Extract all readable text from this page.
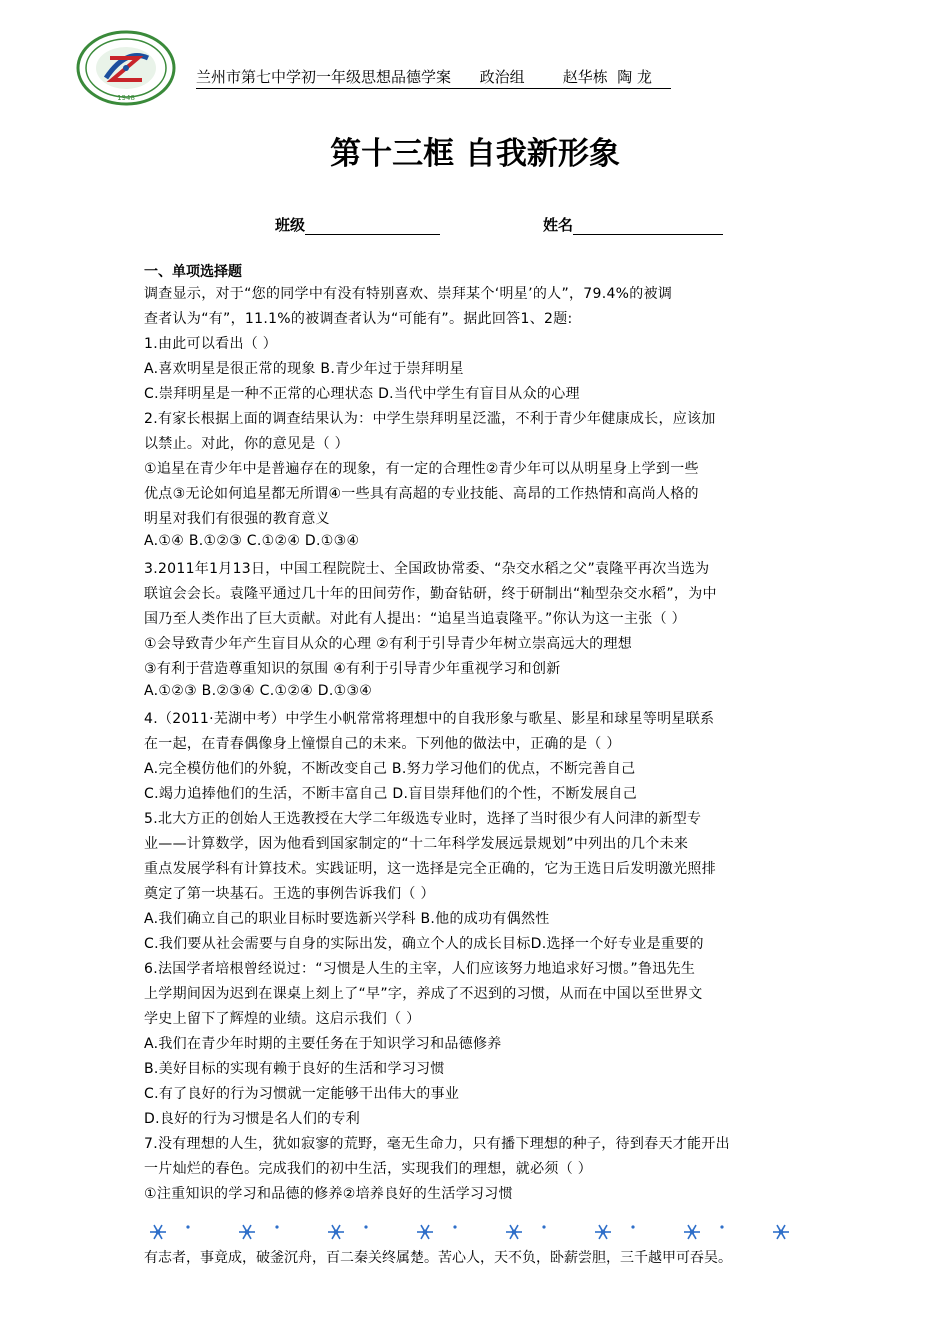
1948
兰州市第七中学初一年级思想品德学案      政治组        赵华栋  陶 龙
第十三框 自我新形象
班级	姓名
一、单项选择题
调查显示，对于“您的同学中有没有特别喜欢、崇拜某个‘明星’的人”，79.4%的被调
查者认为“有”，11.1%的被调查者认为“可能有”。据此回答1、2题:
1.由此可以看出（ ）
A.喜欢明星是很正常的现象 B.青少年过于崇拜明星
C.崇拜明星是一种不正常的心理状态 D.当代中学生有盲目从众的心理
2.有家长根据上面的调查结果认为：中学生崇拜明星泛滥，不利于青少年健康成长，应该加
以禁止。对此，你的意见是（ ）
①追星在青少年中是普遍存在的现象，有一定的合理性②青少年可以从明星身上学到一些
优点③无论如何追星都无所谓④一些具有高超的专业技能、高昂的工作热情和高尚人格的
明星对我们有很强的教育意义
A.①④ B.①②③ C.①②④ D.①③④
3.2011年1月13日，中国工程院院士、全国政协常委、“杂交水稻之父”袁隆平再次当选为
联谊会会长。袁隆平通过几十年的田间劳作，勤奋钻研，终于研制出“籼型杂交水稻”，为中
国乃至人类作出了巨大贡献。对此有人提出：“追星当追袁隆平。”你认为这一主张（ ）
①会导致青少年产生盲目从众的心理 ②有利于引导青少年树立崇高远大的理想
③有利于营造尊重知识的氛围 ④有利于引导青少年重视学习和创新
A.①②③ B.②③④ C.①②④ D.①③④
4.（2011·芜湖中考）中学生小帆常常将理想中的自我形象与歌星、影星和球星等明星联系
在一起，在青春偶像身上憧憬自己的未来。下列他的做法中，正确的是（ ）
A.完全模仿他们的外貌，不断改变自己 B.努力学习他们的优点，不断完善自己
C.竭力追捧他们的生活，不断丰富自己 D.盲目崇拜他们的个性，不断发展自己
5.北大方正的创始人王选教授在大学二年级选专业时，选择了当时很少有人问津的新型专
业——计算数学，因为他看到国家制定的“十二年科学发展远景规划”中列出的几个未来
重点发展学科有计算技术。实践证明，这一选择是完全正确的，它为王选日后发明激光照排
奠定了第一块基石。王选的事例告诉我们（ ）
A.我们确立自己的职业目标时要选新兴学科 B.他的成功有偶然性
C.我们要从社会需要与自身的实际出发，确立个人的成长目标D.选择一个好专业是重要的
6.法国学者培根曾经说过：“习惯是人生的主宰，人们应该努力地追求好习惯。”鲁迅先生
上学期间因为迟到在课桌上刻上了“早”字，养成了不迟到的习惯，从而在中国以至世界文
学史上留下了辉煌的业绩。这启示我们（ ）
A.我们在青少年时期的主要任务在于知识学习和品德修养
B.美好目标的实现有赖于良好的生活和学习习惯
C.有了良好的行为习惯就一定能够干出伟大的事业
D.良好的行为习惯是名人们的专利
7.没有理想的人生，犹如寂寥的荒野，毫无生命力，只有播下理想的种子，待到春天才能开出
一片灿烂的春色。完成我们的初中生活，实现我们的理想，就必须（ ）
①注重知识的学习和品德的修养②培养良好的生活学习习惯
有志者，事竟成，破釜沉舟，百二秦关终属楚。苦心人，天不负，卧薪尝胆，三千越甲可吞吴。
